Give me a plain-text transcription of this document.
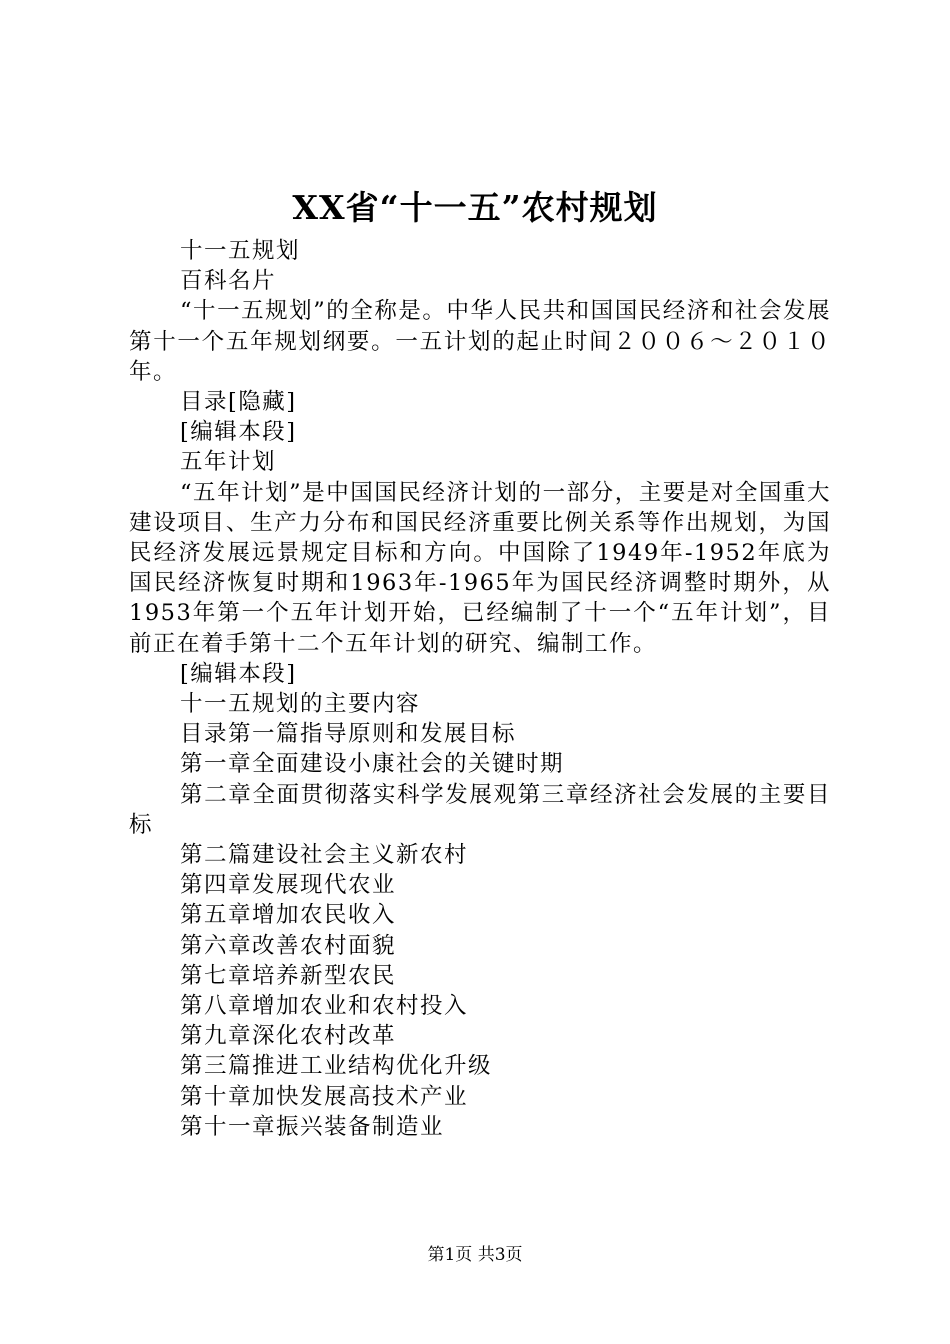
XX省“十一五”农村规划

十一五规划

百科名片

“十一五规划”的全称是。中华人民共和国国民经济和社会发展第十一个五年规划纲要。一五计划的起止时间２００６～２０１０年。

目录[隐藏]

[编辑本段]

五年计划

“五年计划”是中国国民经济计划的一部分，主要是对全国重大建设项目、生产力分布和国民经济重要比例关系等作出规划，为国民经济发展远景规定目标和方向。中国除了1949年-1952年底为国民经济恢复时期和1963年-1965年为国民经济调整时期外，从1953年第一个五年计划开始，已经编制了十一个“五年计划”，目前正在着手第十二个五年计划的研究、编制工作。

[编辑本段]

十一五规划的主要内容

目录第一篇指导原则和发展目标

第一章全面建设小康社会的关键时期

第二章全面贯彻落实科学发展观第三章经济社会发展的主要目标

第二篇建设社会主义新农村

第四章发展现代农业

第五章增加农民收入

第六章改善农村面貌

第七章培养新型农民

第八章增加农业和农村投入

第九章深化农村改革

第三篇推进工业结构优化升级

第十章加快发展高技术产业

第十一章振兴装备制造业

第1页 共3页
